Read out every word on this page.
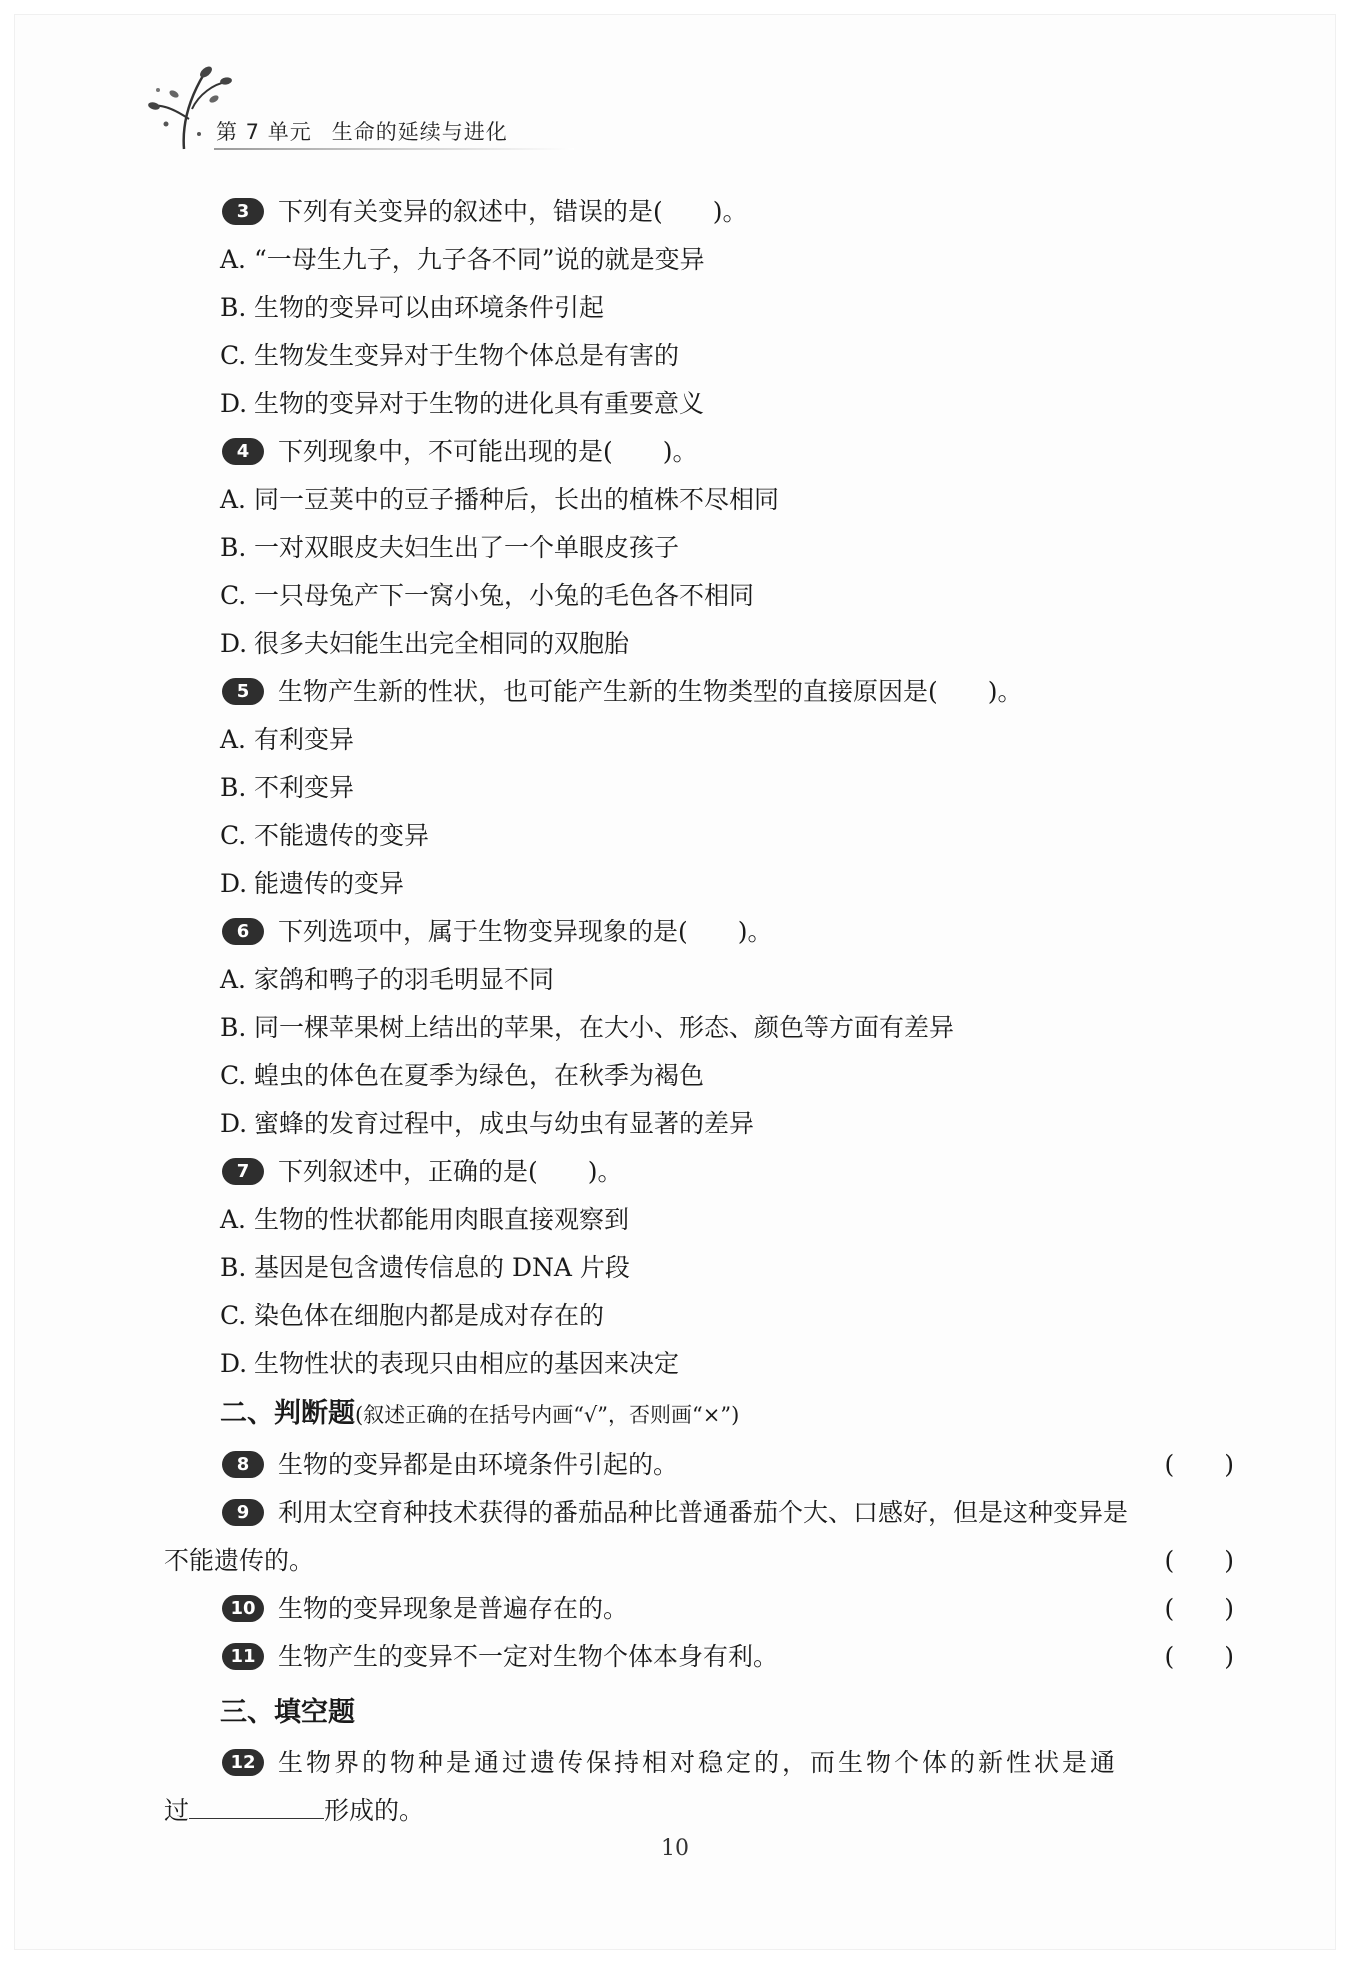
第 7 单元 生命的延续与进化
3	下列有关变异的叙述中，错误的是(　　)。
A. “一母生九子，九子各不同”说的就是变异
B. 生物的变异可以由环境条件引起
C. 生物发生变异对于生物个体总是有害的
D. 生物的变异对于生物的进化具有重要意义
4	下列现象中，不可能出现的是(　　)。
A. 同一豆荚中的豆子播种后，长出的植株不尽相同
B. 一对双眼皮夫妇生出了一个单眼皮孩子
C. 一只母兔产下一窝小兔，小兔的毛色各不相同
D. 很多夫妇能生出完全相同的双胞胎
5	生物产生新的性状，也可能产生新的生物类型的直接原因是(　　)。
A. 有利变异
B. 不利变异
C. 不能遗传的变异
D. 能遗传的变异
6	下列选项中，属于生物变异现象的是(　　)。
A. 家鸽和鸭子的羽毛明显不同
B. 同一棵苹果树上结出的苹果，在大小、形态、颜色等方面有差异
C. 蝗虫的体色在夏季为绿色，在秋季为褐色
D. 蜜蜂的发育过程中，成虫与幼虫有显著的差异
7	下列叙述中，正确的是(　　)。
A. 生物的性状都能用肉眼直接观察到
B. 基因是包含遗传信息的 DNA 片段
C. 染色体在细胞内都是成对存在的
D. 生物性状的表现只由相应的基因来决定
二、判断题(叙述正确的在括号内画“√”，否则画“×”)
8	生物的变异都是由环境条件引起的。	(　　)
9	利用太空育种技术获得的番茄品种比普通番茄个大、口感好，但是这种变异是
不能遗传的。	(　　)
10 生物的变异现象是普遍存在的。	(　　)
11 生物产生的变异不一定对生物个体本身有利。	(　　)
三、填空题
12 生物界的物种是通过遗传保持相对稳定的，而生物个体的新性状是通
过	形成的。
10
